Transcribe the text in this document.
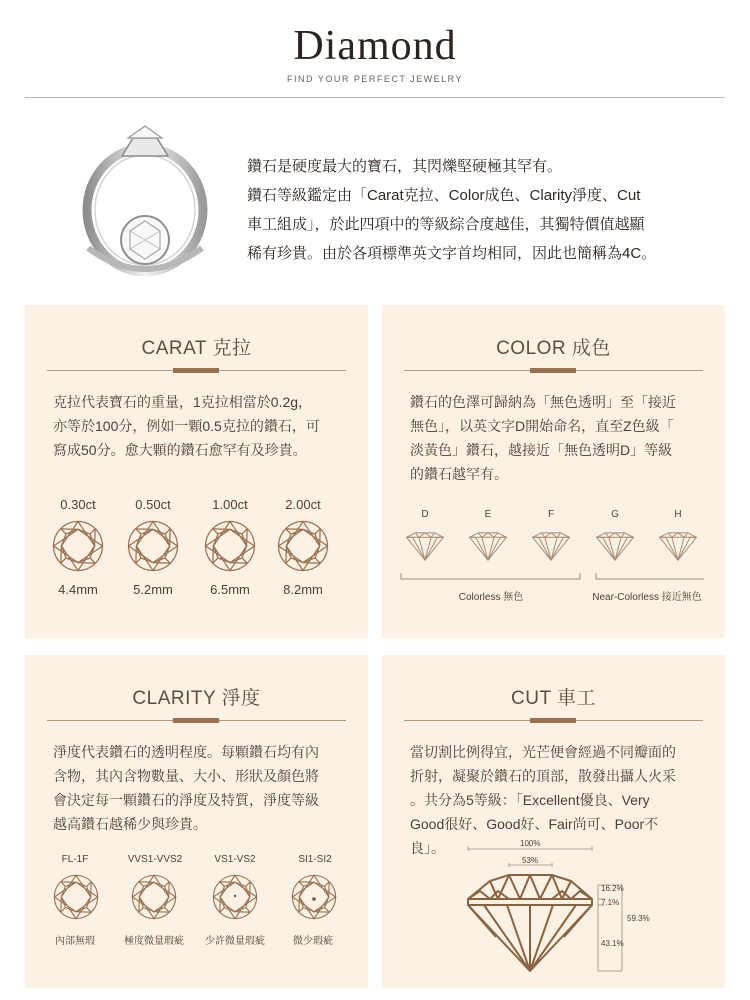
Diamond
FIND YOUR PERFECT JEWELRY
鑽石是硬度最大的寶石，其閃爍堅硬極其罕有。
鑽石等級鑑定由「Carat克拉、Color成色、Clarity淨度、Cut
車工組成」，於此四項中的等級綜合度越佳，其獨特價值越顯
稀有珍貴。由於各項標準英文字首均相同，因此也簡稱為4C。
CARAT 克拉
克拉代表寶石的重量，1克拉相當於0.2g，
亦等於100分，例如一顆0.5克拉的鑽石，可
寫成50分。愈大顆的鑽石愈罕有及珍貴。
0.30ct	0.50ct	1.00ct	2.00ct
4.4mm	5.2mm	6.5mm	8.2mm
COLOR 成色
鑽石的色澤可歸納為「無色透明」至「接近
無色」，以英文字D開始命名，直至Z色級「
淡黃色」鑽石，越接近「無色透明D」等級
的鑽石越罕有。
D	E	F	G	H
Colorless 無色	Near-Colorless 接近無色
CLARITY 淨度
淨度代表鑽石的透明程度。每顆鑽石均有內
含物，其內含物數量、大小、形狀及顏色將
會決定每一顆鑽石的淨度及特質，淨度等級
越高鑽石越稀少與珍貴。
FL-1F	VVS1-VVS2	VS1-VS2	SI1-SI2
內部無瑕	極度微量瑕疵	少許微量瑕疵	微少瑕疵
CUT 車工
當切割比例得宜，光芒便會經過不同瓣面的
折射，凝聚於鑽石的頂部，散發出攝人火采
。共分為5等級：「Excellent優良、Very
Good很好、Good好、Fair尚可、Poor不
良」。	100%
53%
16.2%
7.1%
59.3%
43.1%
